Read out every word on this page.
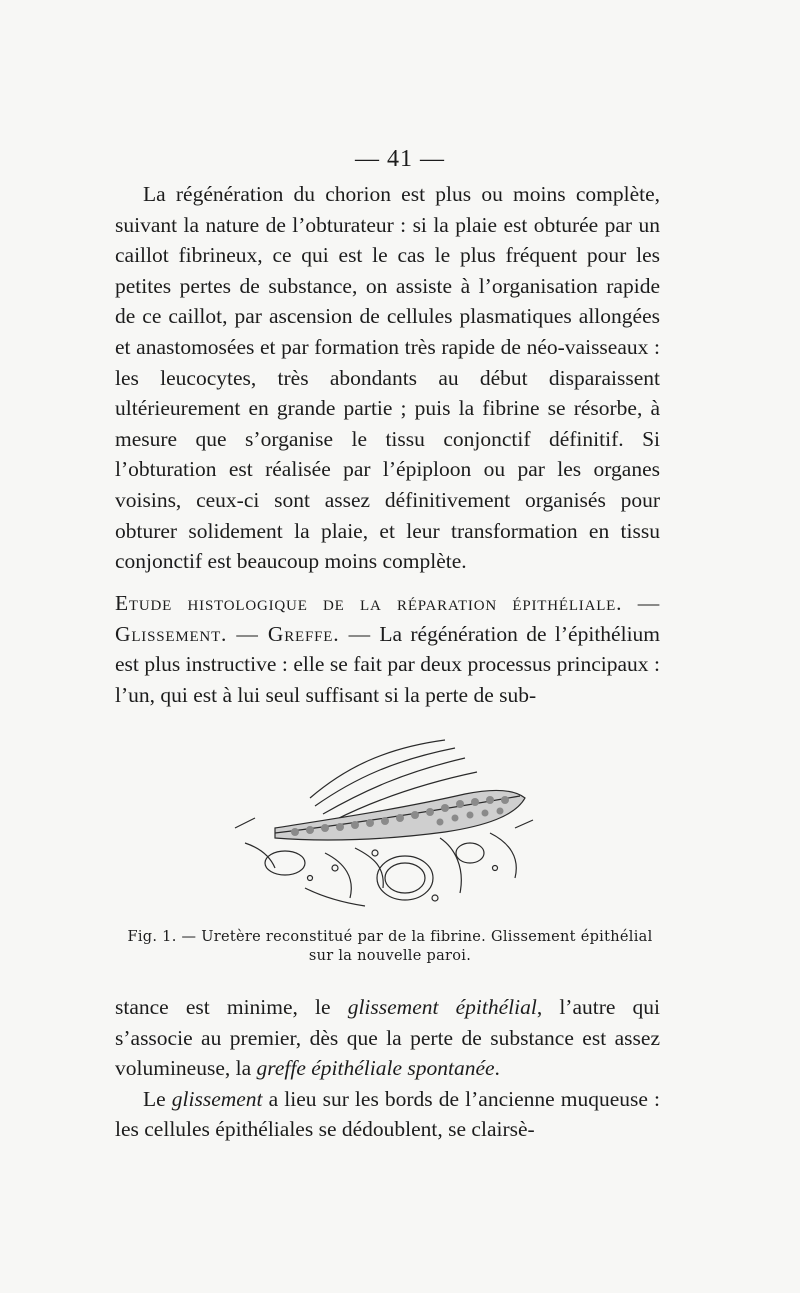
— 41 —

La régénération du chorion est plus ou moins complète, suivant la nature de l’obturateur : si la plaie est obturée par un caillot fibrineux, ce qui est le cas le plus fréquent pour les petites pertes de substance, on assiste à l’organisation rapide de ce caillot, par ascension de cellules plasmatiques allongées et anastomosées et par formation très rapide de néo-vaisseaux : les leucocytes, très abondants au début disparaissent ultérieurement en grande partie ; puis la fibrine se résorbe, à mesure que s’organise le tissu conjonctif définitif. Si l’obturation est réalisée par l’épiploon ou par les organes voisins, ceux-ci sont assez définitivement organisés pour obturer solidement la plaie, et leur transformation en tissu conjonctif est beaucoup moins complète.

Etude histologique de la réparation épithéliale. — Glissement. — Greffe. — La régénération de l’épithélium est plus instructive : elle se fait par deux processus principaux : l’un, qui est à lui seul suffisant si la perte de sub-

Fig. 1. — Uretère reconstitué par de la fibrine. Glissement épithélial
sur la nouvelle paroi.

stance est minime, le glissement épithélial, l’autre qui s’associe au premier, dès que la perte de substance est assez volumineuse, la greffe épithéliale spontanée.

Le glissement a lieu sur les bords de l’ancienne muqueuse : les cellules épithéliales se dédoublent, se clairsè-
